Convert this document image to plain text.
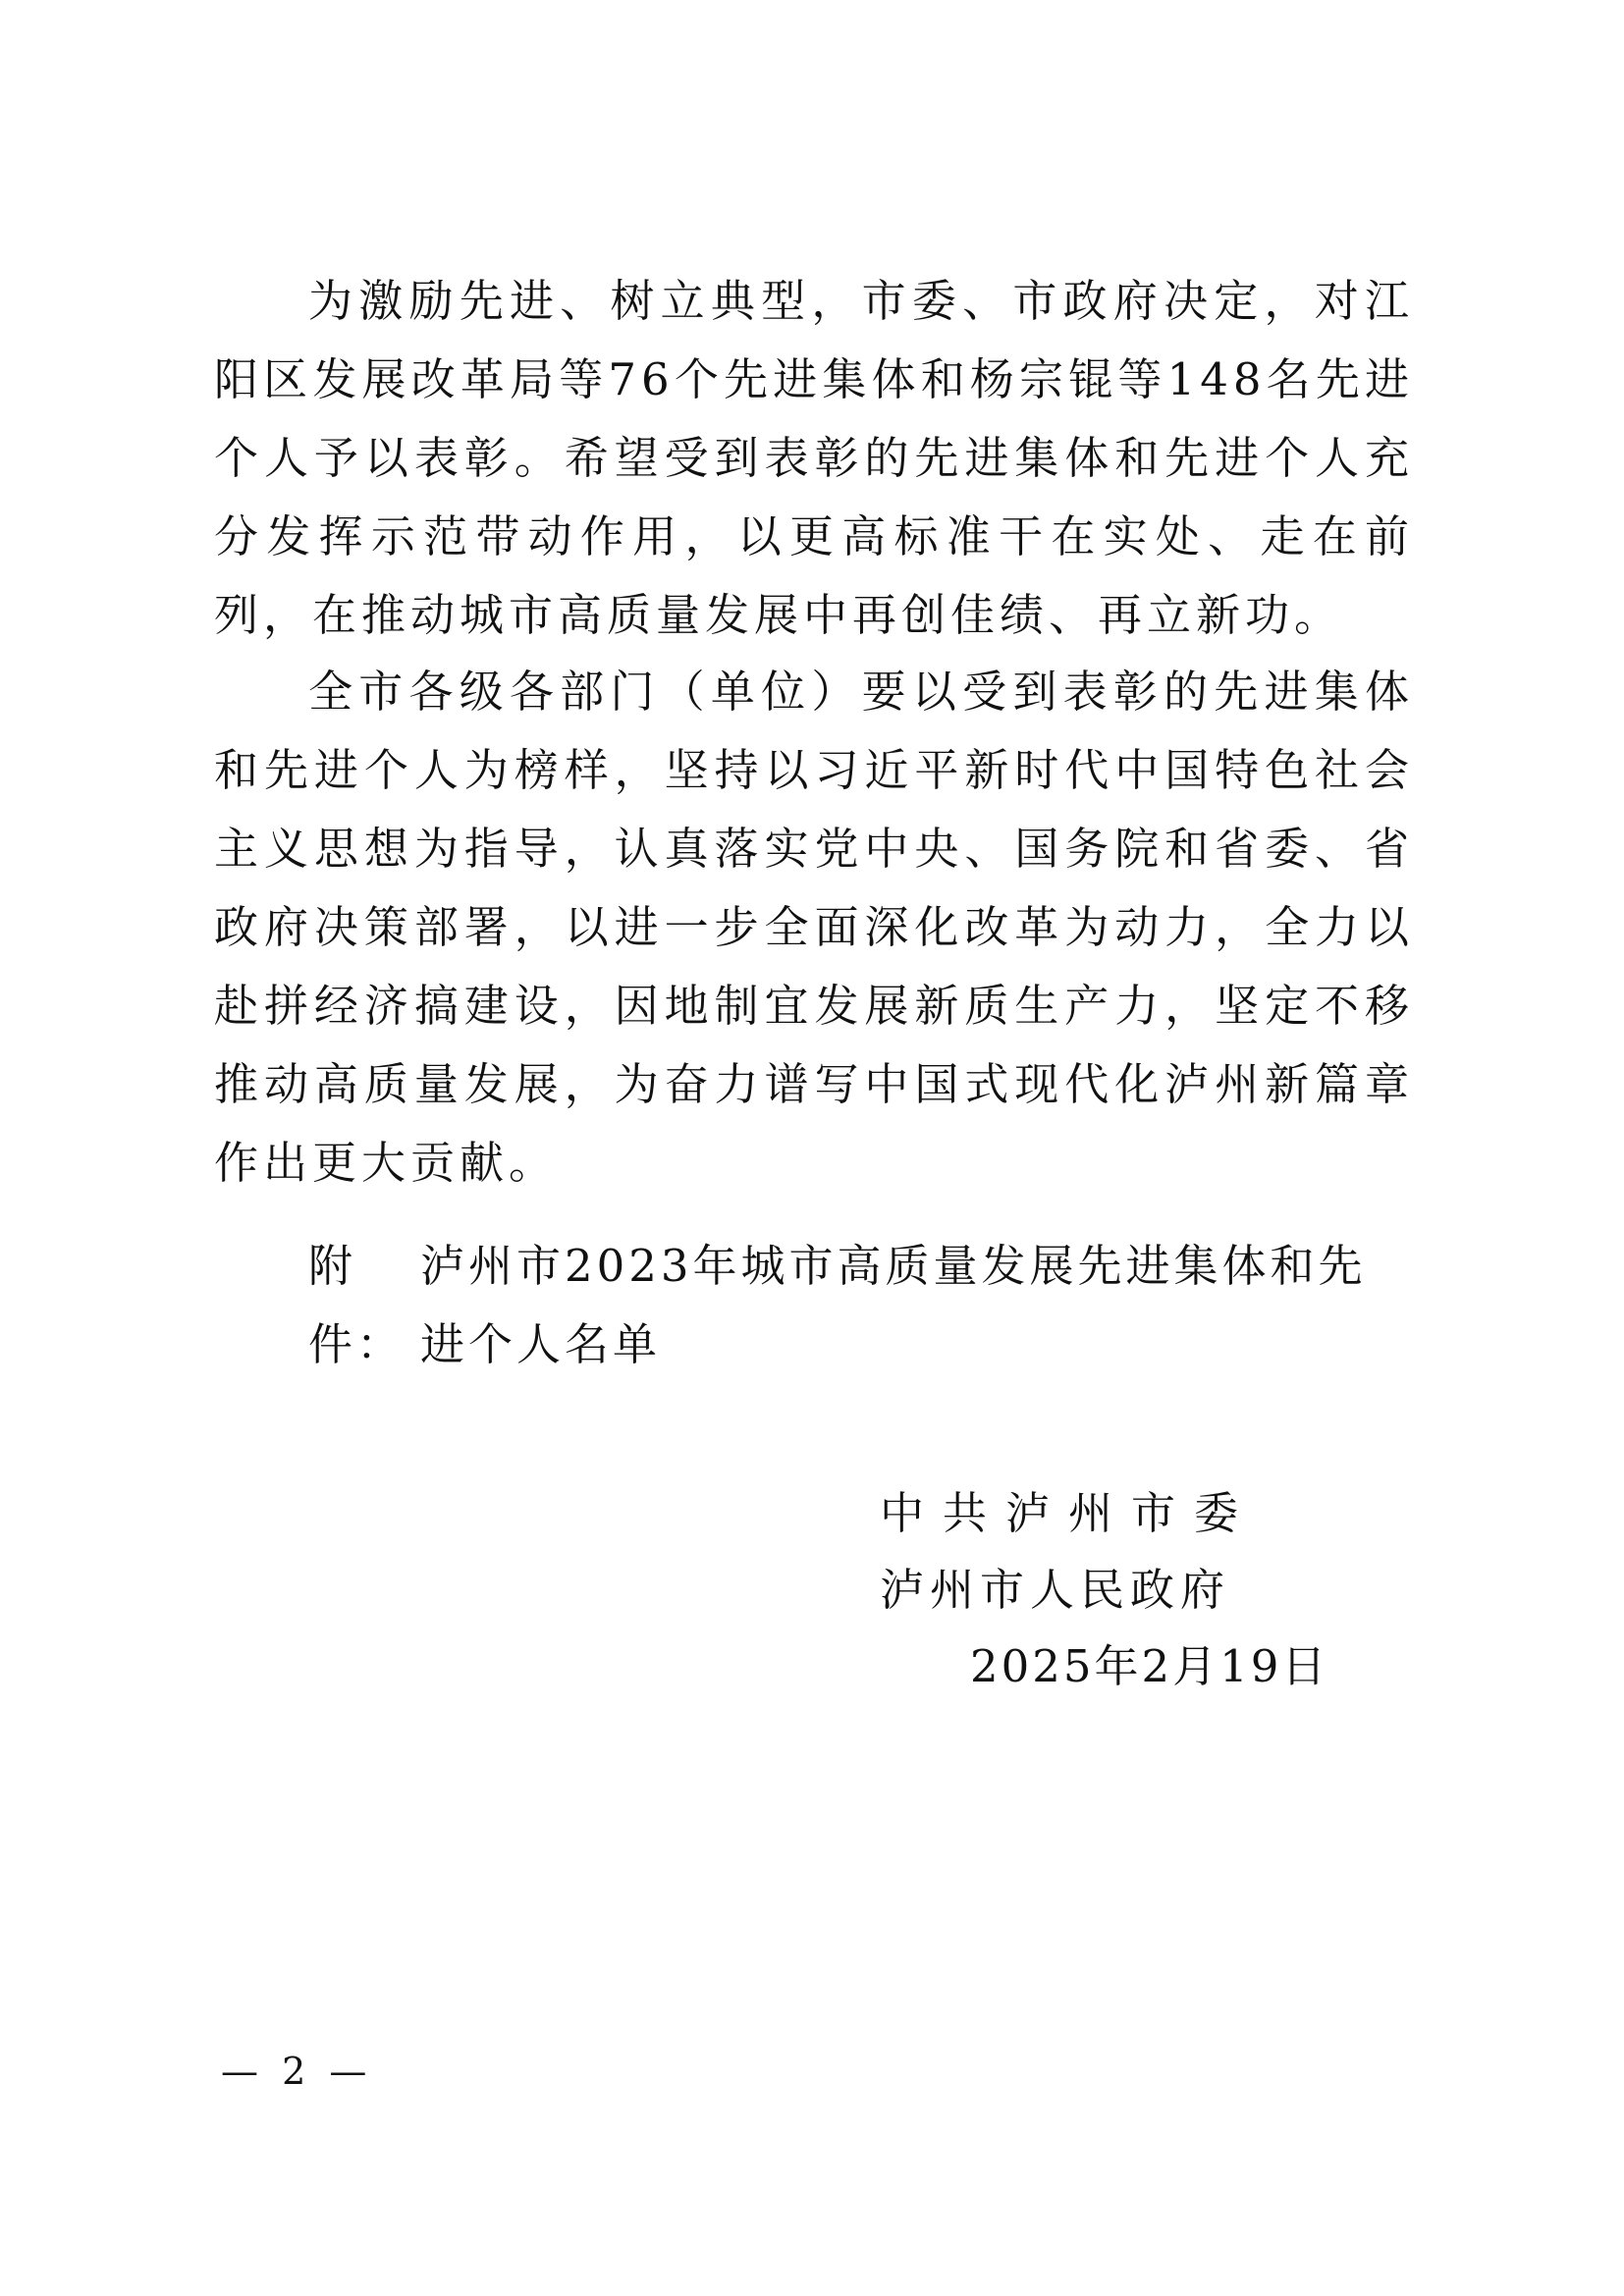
为激励先进、树立典型，市委、市政府决定，对江阳区发展改革局等76个先进集体和杨宗锟等148名先进个人予以表彰。希望受到表彰的先进集体和先进个人充分发挥示范带动作用，以更高标准干在实处、走在前列，在推动城市高质量发展中再创佳绩、再立新功。

全市各级各部门（单位）要以受到表彰的先进集体和先进个人为榜样，坚持以习近平新时代中国特色社会主义思想为指导，认真落实党中央、国务院和省委、省政府决策部署，以进一步全面深化改革为动力，全力以赴拼经济搞建设，因地制宜发展新质生产力，坚定不移推动高质量发展，为奋力谱写中国式现代化泸州新篇章作出更大贡献。

附件：泸州市2023年城市高质量发展先进集体和先进个人名单
中共泸州市委
泸州市人民政府
2025年2月19日
— 2 —
